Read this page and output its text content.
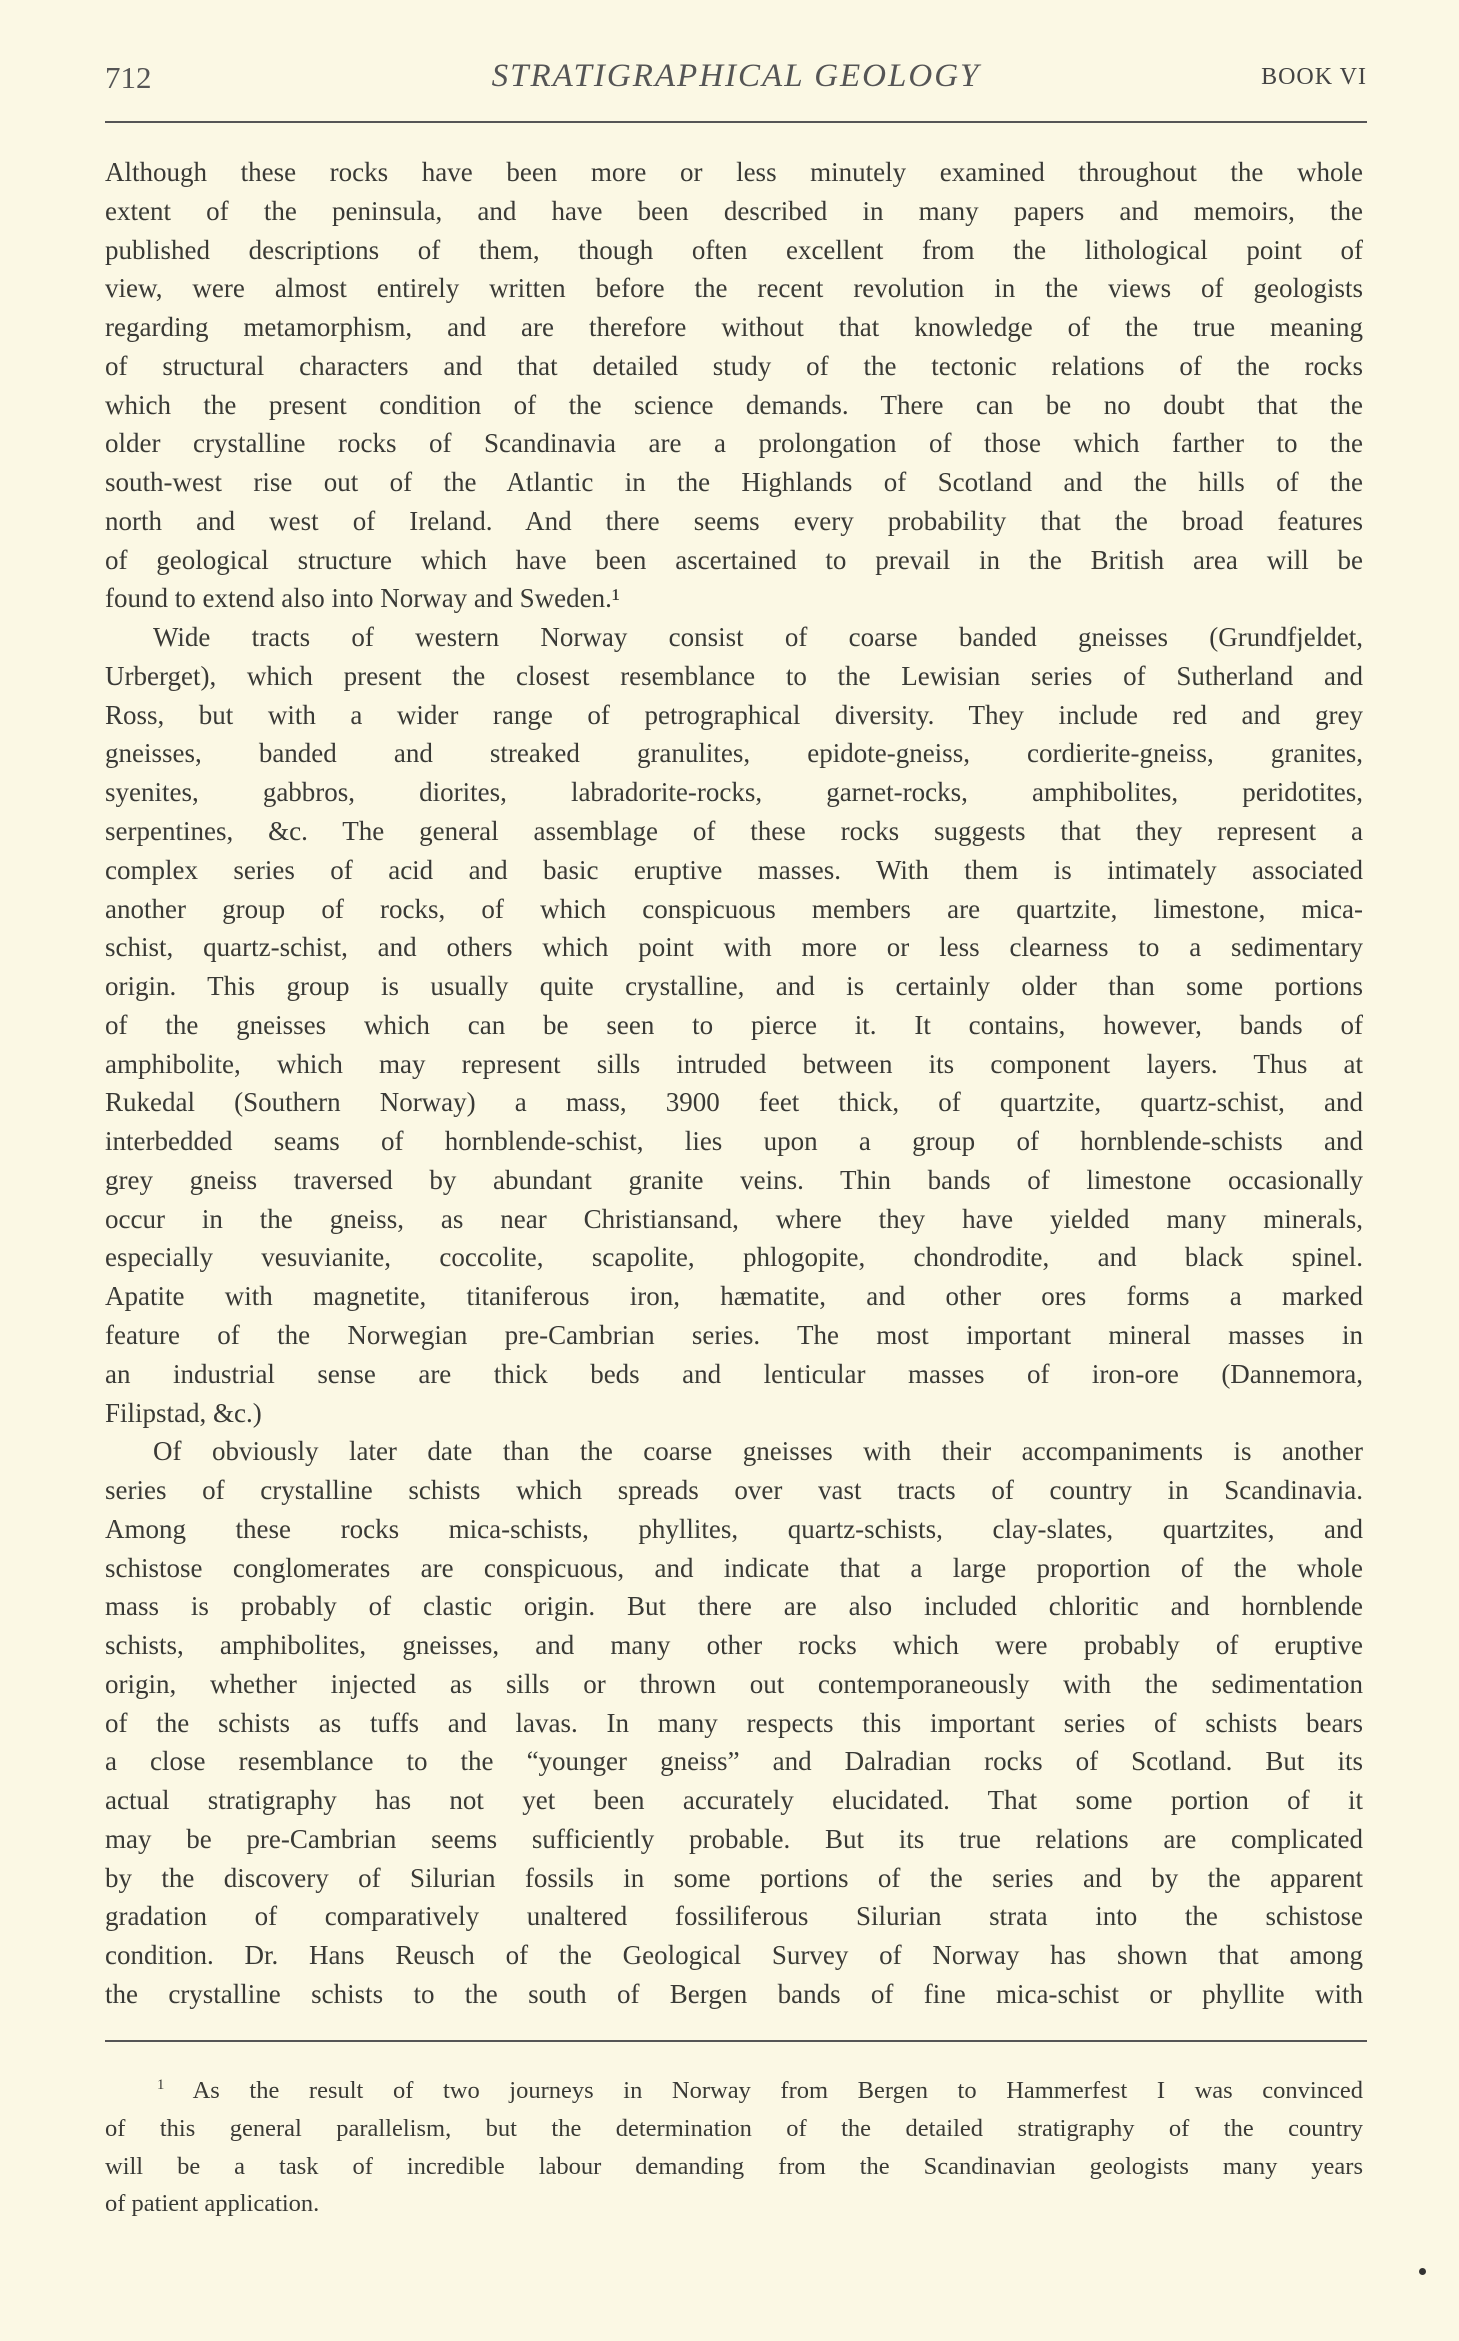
712	STRATIGRAPHICAL GEOLOGY	BOOK VI
Although these rocks have been more or less minutely examined throughout the whole
extent of the peninsula, and have been described in many papers and memoirs, the
published descriptions of them, though often excellent from the lithological point of
view, were almost entirely written before the recent revolution in the views of geologists
regarding metamorphism, and are therefore without that knowledge of the true meaning
of structural characters and that detailed study of the tectonic relations of the rocks
which the present condition of the science demands. There can be no doubt that the
older crystalline rocks of Scandinavia are a prolongation of those which farther to the
south-west rise out of the Atlantic in the Highlands of Scotland and the hills of the
north and west of Ireland. And there seems every probability that the broad features
of geological structure which have been ascertained to prevail in the British area will be
found to extend also into Norway and Sweden.¹
Wide tracts of western Norway consist of coarse banded gneisses (Grundfjeldet,
Urberget), which present the closest resemblance to the Lewisian series of Sutherland and
Ross, but with a wider range of petrographical diversity. They include red and grey
gneisses, banded and streaked granulites, epidote-gneiss, cordierite-gneiss, granites,
syenites, gabbros, diorites, labradorite-rocks, garnet-rocks, amphibolites, peridotites,
serpentines, &c. The general assemblage of these rocks suggests that they represent a
complex series of acid and basic eruptive masses. With them is intimately associated
another group of rocks, of which conspicuous members are quartzite, limestone, mica-
schist, quartz-schist, and others which point with more or less clearness to a sedimentary
origin. This group is usually quite crystalline, and is certainly older than some portions
of the gneisses which can be seen to pierce it. It contains, however, bands of
amphibolite, which may represent sills intruded between its component layers. Thus at
Rukedal (Southern Norway) a mass, 3900 feet thick, of quartzite, quartz-schist, and
interbedded seams of hornblende-schist, lies upon a group of hornblende-schists and
grey gneiss traversed by abundant granite veins. Thin bands of limestone occasionally
occur in the gneiss, as near Christiansand, where they have yielded many minerals,
especially vesuvianite, coccolite, scapolite, phlogopite, chondrodite, and black spinel.
Apatite with magnetite, titaniferous iron, hæmatite, and other ores forms a marked
feature of the Norwegian pre-Cambrian series. The most important mineral masses in
an industrial sense are thick beds and lenticular masses of iron-ore (Dannemora,
Filipstad, &c.)
Of obviously later date than the coarse gneisses with their accompaniments is another
series of crystalline schists which spreads over vast tracts of country in Scandinavia.
Among these rocks mica-schists, phyllites, quartz-schists, clay-slates, quartzites, and
schistose conglomerates are conspicuous, and indicate that a large proportion of the whole
mass is probably of clastic origin. But there are also included chloritic and hornblende
schists, amphibolites, gneisses, and many other rocks which were probably of eruptive
origin, whether injected as sills or thrown out contemporaneously with the sedimentation
of the schists as tuffs and lavas. In many respects this important series of schists bears
a close resemblance to the “younger gneiss” and Dalradian rocks of Scotland. But its
actual stratigraphy has not yet been accurately elucidated. That some portion of it
may be pre-Cambrian seems sufficiently probable. But its true relations are complicated
by the discovery of Silurian fossils in some portions of the series and by the apparent
gradation of comparatively unaltered fossiliferous Silurian strata into the schistose
condition. Dr. Hans Reusch of the Geological Survey of Norway has shown that among
the crystalline schists to the south of Bergen bands of fine mica-schist or phyllite with
$^1$ As the result of two journeys in Norway from Bergen to Hammerfest I was convinced
of this general parallelism, but the determination of the detailed stratigraphy of the country
will be a task of incredible labour demanding from the Scandinavian geologists many years
of patient application.
